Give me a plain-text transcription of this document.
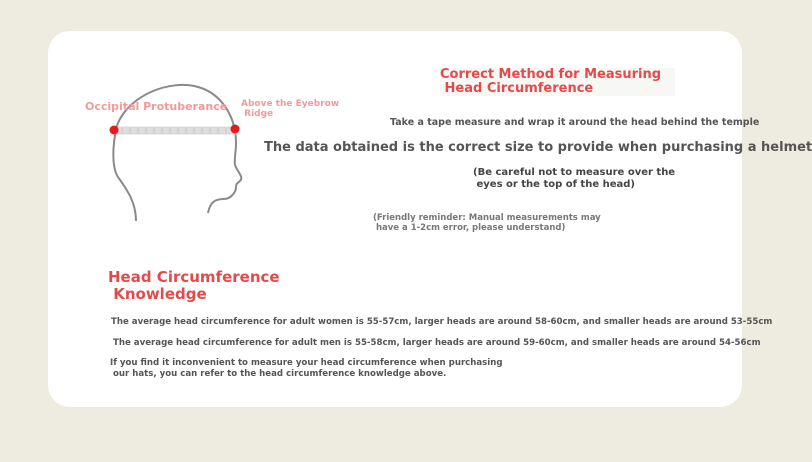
Occipital Protuberance Above the Eyebrow
Ridge
Correct Method for Measuring
Head Circumference
Take a tape measure and wrap it around the head behind the temple
The data obtained is the correct size to provide when purchasing a helmet
(Be careful not to measure over the
eyes or the top of the head)
(Friendly reminder: Manual measurements may
have a 1-2cm error, please understand)
Head Circumference
Knowledge
The average head circumference for adult women is 55-57cm, larger heads are around 58-60cm, and smaller heads are around 53-55cm
The average head circumference for adult men is 55-58cm, larger heads are around 59-60cm, and smaller heads are around 54-56cm
If you find it inconvenient to measure your head circumference when purchasing
our hats, you can refer to the head circumference knowledge above.
